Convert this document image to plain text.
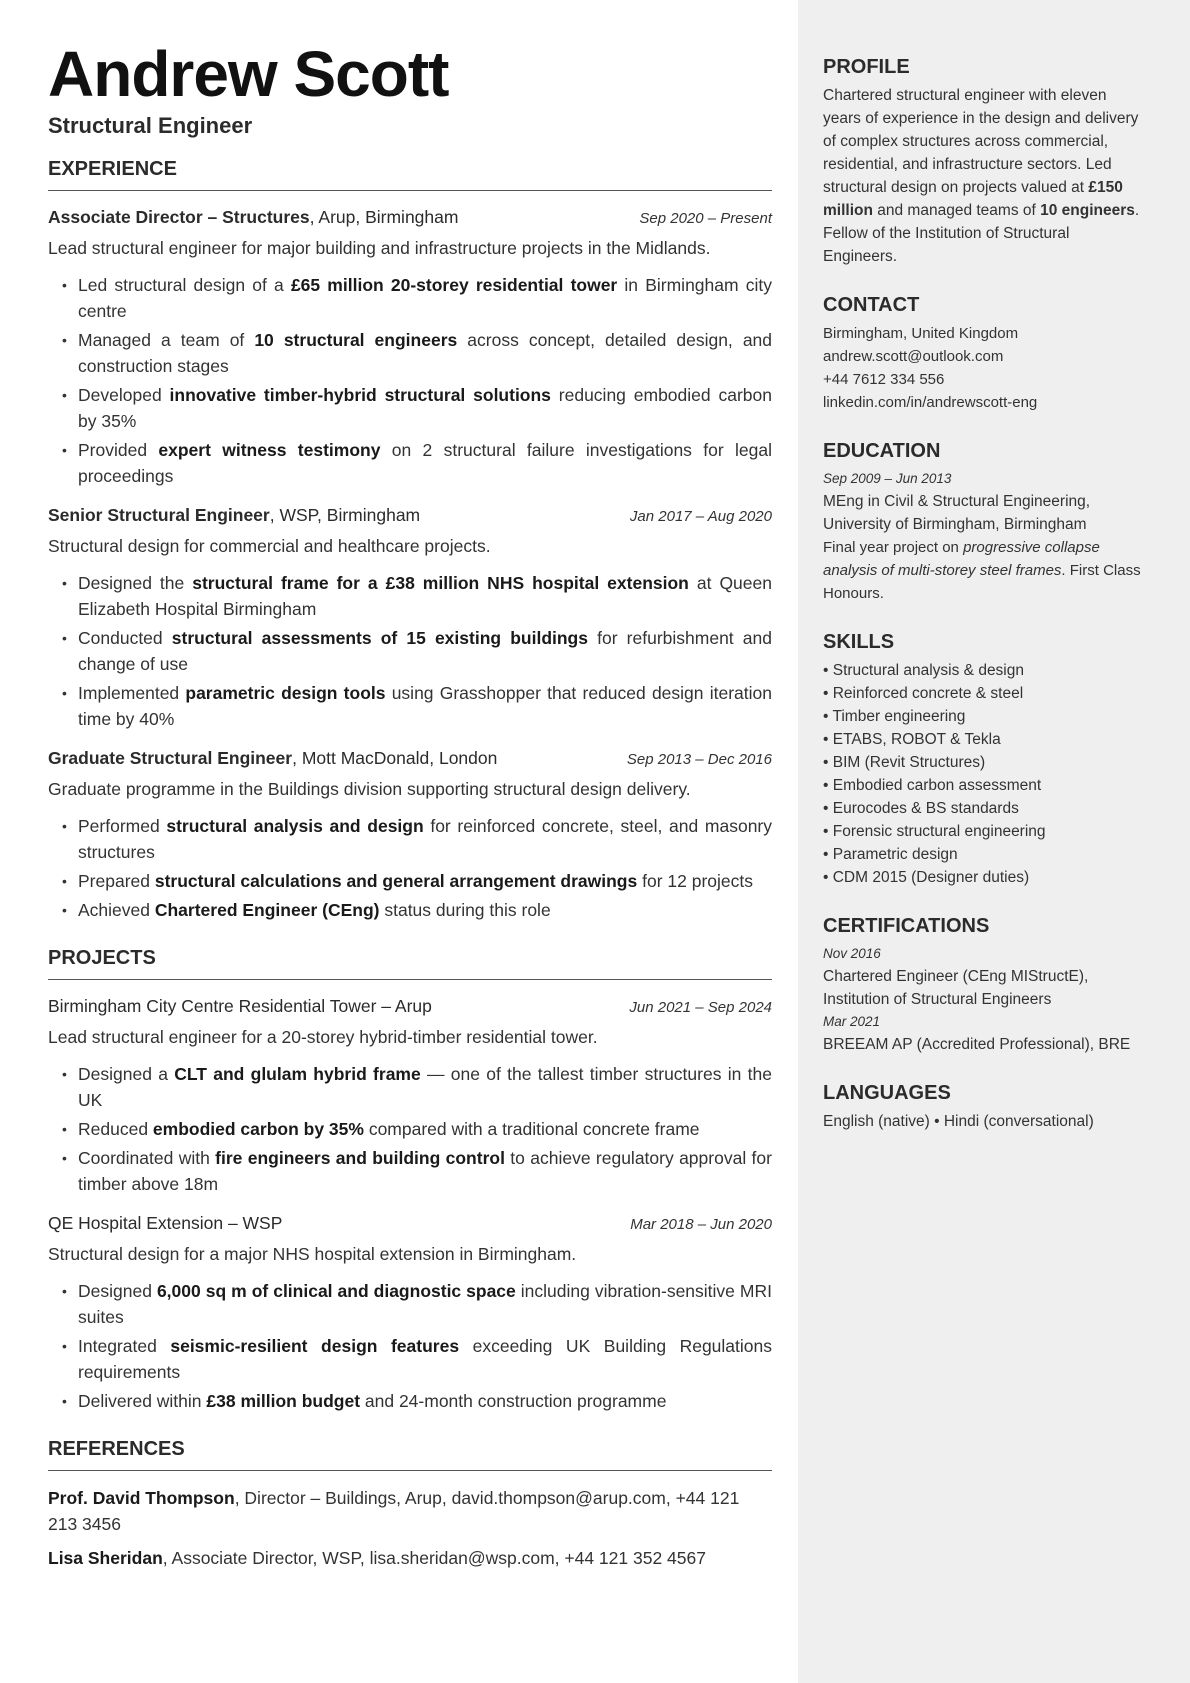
Andrew Scott
Structural Engineer
EXPERIENCE
Associate Director – Structures, Arup, Birmingham	Sep 2020 – Present

Lead structural engineer for major building and infrastructure projects in the Midlands.

• Led structural design of a £65 million 20-storey residential tower in Birmingham city centre
• Managed a team of 10 structural engineers across concept, detailed design, and construction stages
• Developed innovative timber-hybrid structural solutions reducing embodied carbon by 35%
• Provided expert witness testimony on 2 structural failure investigations for legal proceedings
Senior Structural Engineer, WSP, Birmingham	Jan 2017 – Aug 2020

Structural design for commercial and healthcare projects.

• Designed the structural frame for a £38 million NHS hospital extension at Queen Elizabeth Hospital Birmingham
• Conducted structural assessments of 15 existing buildings for refurbishment and change of use
• Implemented parametric design tools using Grasshopper that reduced design iteration time by 40%
Graduate Structural Engineer, Mott MacDonald, London	Sep 2013 – Dec 2016

Graduate programme in the Buildings division supporting structural design delivery.

• Performed structural analysis and design for reinforced concrete, steel, and masonry structures
• Prepared structural calculations and general arrangement drawings for 12 projects
• Achieved Chartered Engineer (CEng) status during this role
PROJECTS
Birmingham City Centre Residential Tower – Arup	Jun 2021 – Sep 2024

Lead structural engineer for a 20-storey hybrid-timber residential tower.

• Designed a CLT and glulam hybrid frame — one of the tallest timber structures in the UK
• Reduced embodied carbon by 35% compared with a traditional concrete frame
• Coordinated with fire engineers and building control to achieve regulatory approval for timber above 18m
QE Hospital Extension – WSP	Mar 2018 – Jun 2020

Structural design for a major NHS hospital extension in Birmingham.

• Designed 6,000 sq m of clinical and diagnostic space including vibration-sensitive MRI suites
• Integrated seismic-resilient design features exceeding UK Building Regulations requirements
• Delivered within £38 million budget and 24-month construction programme
REFERENCES
Prof. David Thompson, Director – Buildings, Arup, david.thompson@arup.com, +44 121 213 3456
Lisa Sheridan, Associate Director, WSP, lisa.sheridan@wsp.com, +44 121 352 4567
PROFILE

Chartered structural engineer with eleven years of experience in the design and delivery of complex structures across commercial, residential, and infrastructure sectors. Led structural design on projects valued at £150 million and managed teams of 10 engineers. Fellow of the Institution of Structural Engineers.

CONTACT
Birmingham, United Kingdom
andrew.scott@outlook.com
+44 7612 334 556
linkedin.com/in/andrewscott-eng
EDUCATION
Sep 2009 – Jun 2013
MEng in Civil & Structural Engineering, University of Birmingham, Birmingham
Final year project on progressive collapse analysis of multi-storey steel frames. First Class Honours.
SKILLS
• Structural analysis & design
• Reinforced concrete & steel
• Timber engineering
• ETABS, ROBOT & Tekla
• BIM (Revit Structures)
• Embodied carbon assessment
• Eurocodes & BS standards
• Forensic structural engineering
• Parametric design
• CDM 2015 (Designer duties)
CERTIFICATIONS
Nov 2016
Chartered Engineer (CEng MIStructE), Institution of Structural Engineers
Mar 2021
BREEAM AP (Accredited Professional), BRE
LANGUAGES
English (native) • Hindi (conversational)
